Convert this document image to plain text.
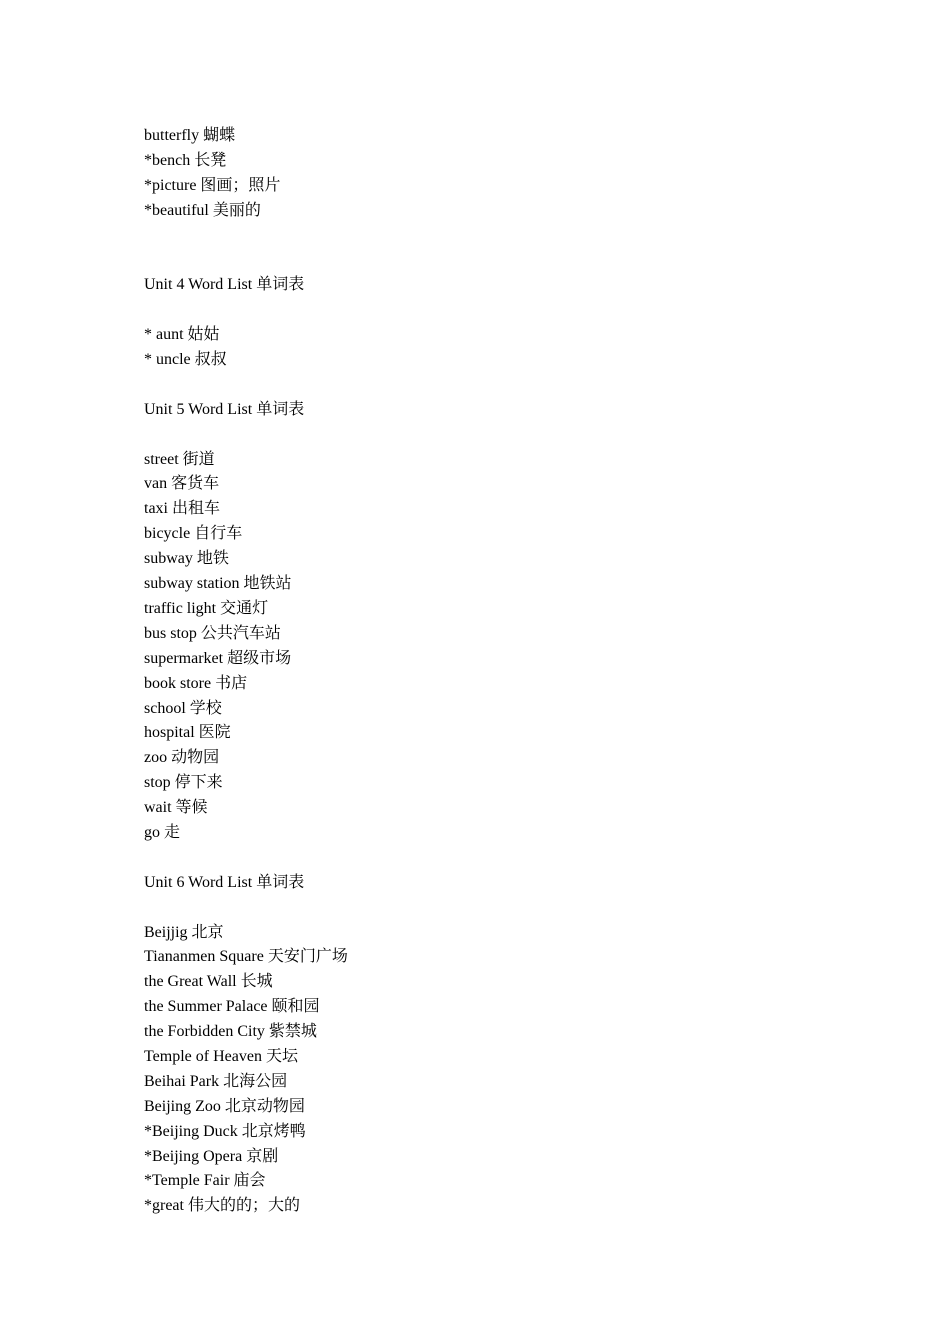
butterfly 蝴蝶
*bench 长凳
*picture 图画；照片
*beautiful 美丽的
Unit 4 Word List 单词表
* aunt 姑姑
* uncle 叔叔
Unit 5 Word List 单词表
street 街道
van 客货车
taxi 出租车
bicycle 自行车
subway 地铁
subway station 地铁站
traffic light 交通灯
bus stop 公共汽车站
supermarket 超级市场
book store 书店
school 学校
hospital 医院
zoo 动物园
stop 停下来
wait 等候
go 走
Unit 6 Word List 单词表
Beijjig 北京
Tiananmen Square 天安门广场
the Great Wall 长城
the Summer Palace 颐和园
the Forbidden City 紫禁城
Temple of Heaven 天坛
Beihai Park 北海公园
Beijing Zoo 北京动物园
*Beijing Duck 北京烤鸭
*Beijing Opera 京剧
*Temple Fair 庙会
*great 伟大的的；大的
